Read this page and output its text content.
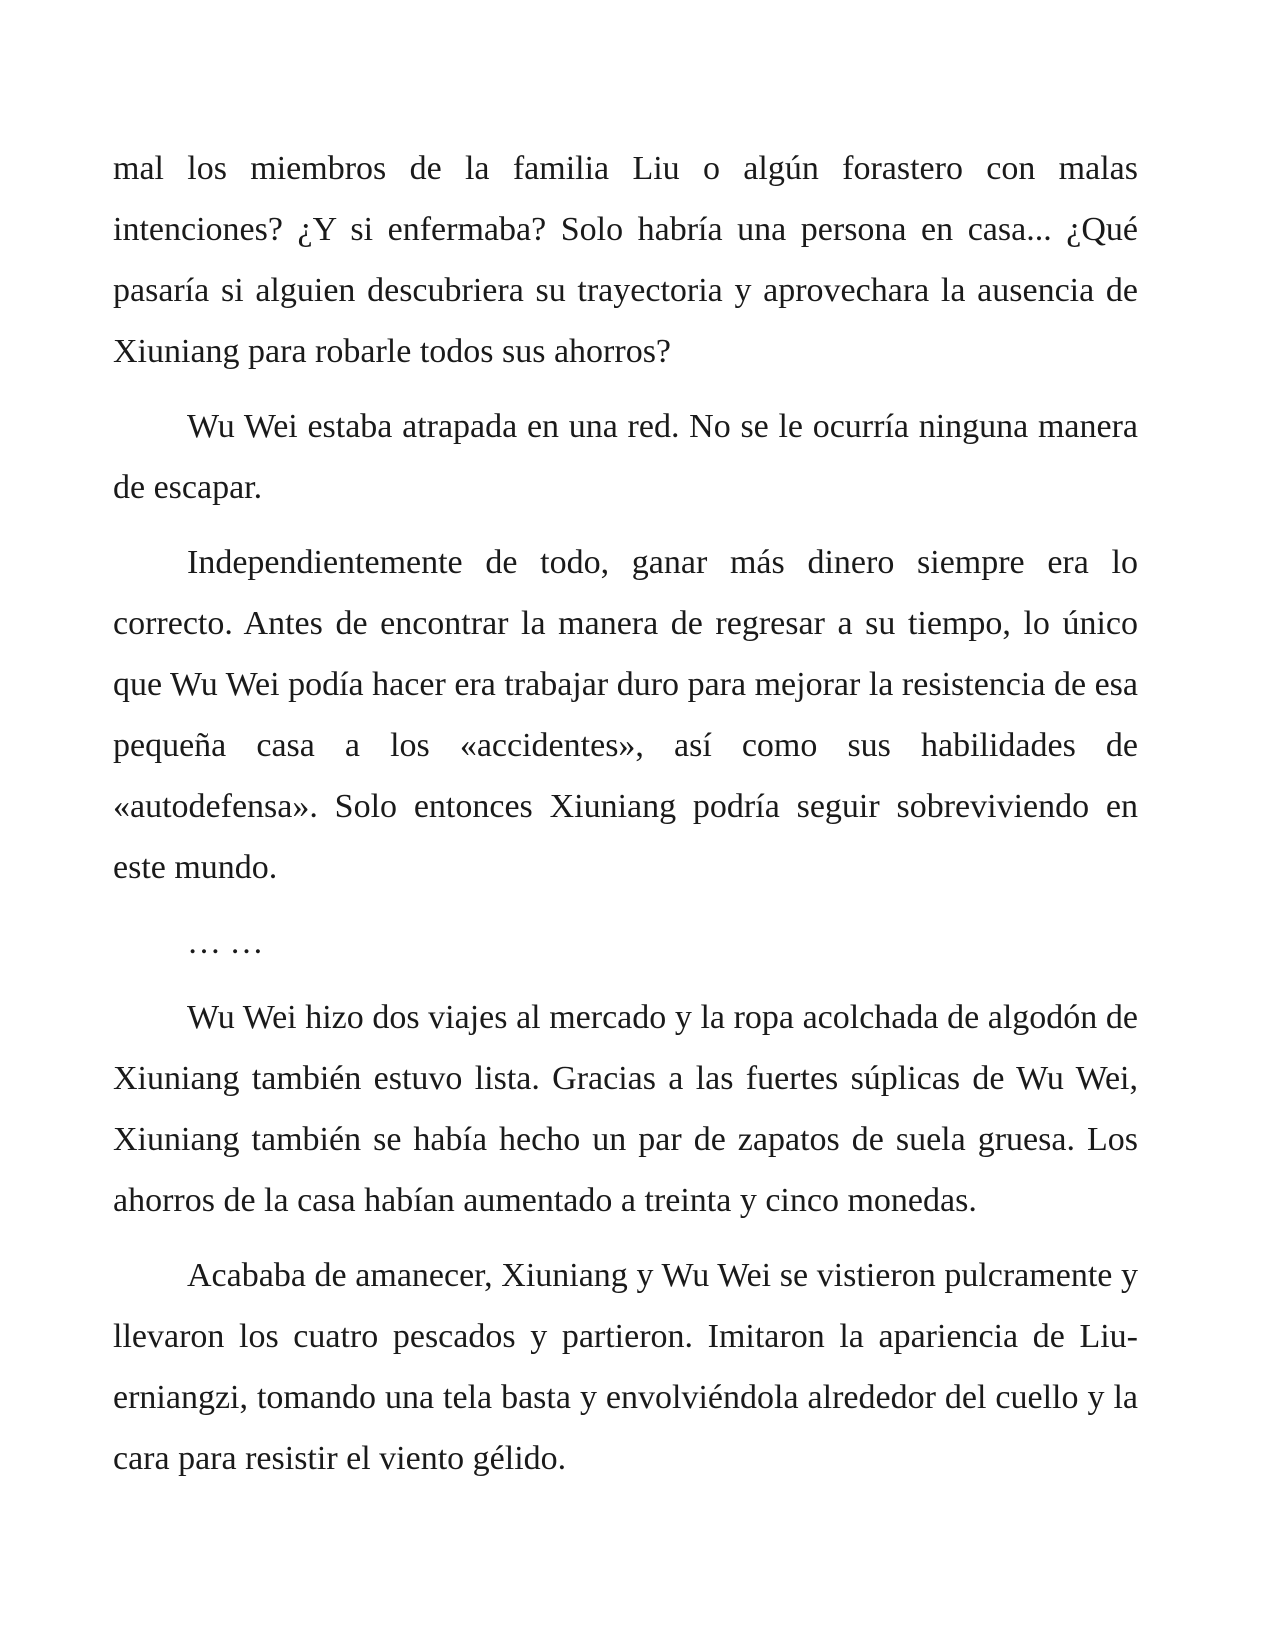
mal los miembros de la familia Liu o algún forastero con malas intenciones? ¿Y si enfermaba? Solo habría una persona en casa... ¿Qué pasaría si alguien descubriera su trayectoria y aprovechara la ausencia de Xiuniang para robarle todos sus ahorros?

Wu Wei estaba atrapada en una red. No se le ocurría ninguna manera de escapar.

Independientemente de todo, ganar más dinero siempre era lo correcto. Antes de encontrar la manera de regresar a su tiempo, lo único que Wu Wei podía hacer era trabajar duro para mejorar la resistencia de esa pequeña casa a los «accidentes», así como sus habilidades de «autodefensa». Solo entonces Xiuniang podría seguir sobreviviendo en este mundo.

… …

Wu Wei hizo dos viajes al mercado y la ropa acolchada de algodón de Xiuniang también estuvo lista. Gracias a las fuertes súplicas de Wu Wei, Xiuniang también se había hecho un par de zapatos de suela gruesa. Los ahorros de la casa habían aumentado a treinta y cinco monedas.

Acababa de amanecer, Xiuniang y Wu Wei se vistieron pulcramente y llevaron los cuatro pescados y partieron. Imitaron la apariencia de Liu-erniangzi, tomando una tela basta y envolviéndola alrededor del cuello y la cara para resistir el viento gélido.
